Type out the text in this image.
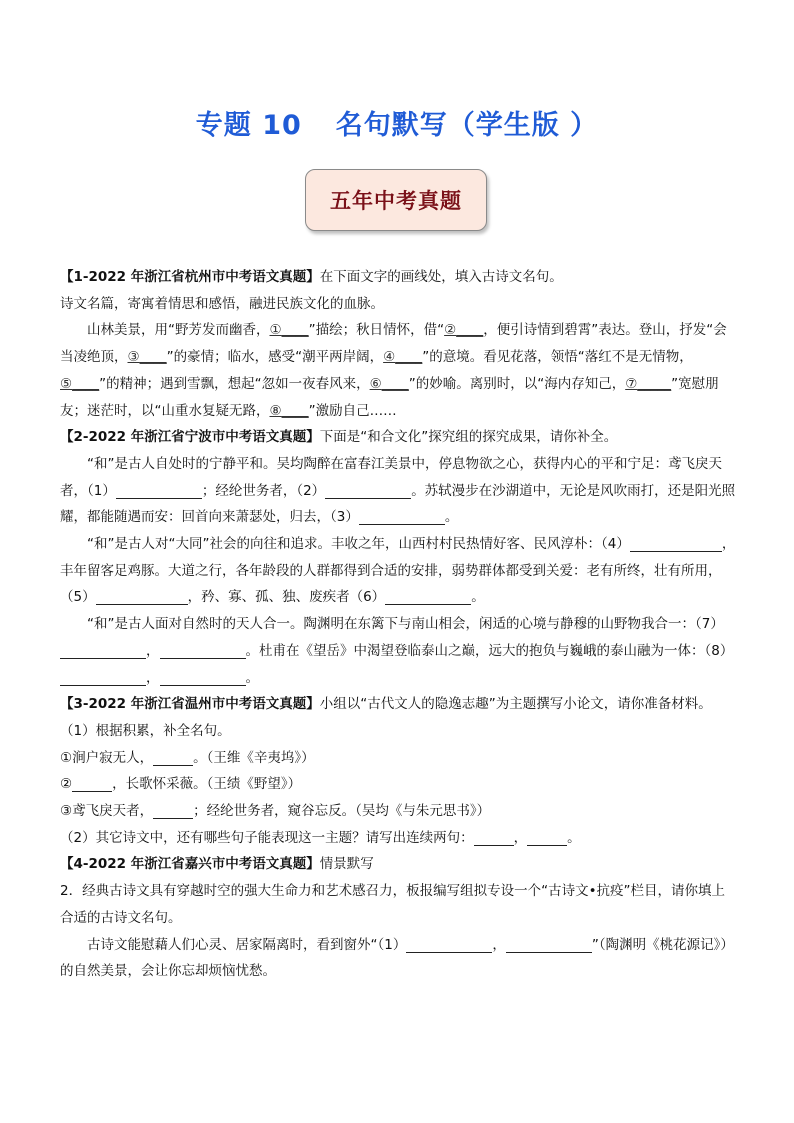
专题 10 名句默写（学生版 ）
五年中考真题

【1-2022 年浙江省杭州市中考语文真题】在下面文字的画线处，填入古诗文名句。

诗文名篇，寄寓着情思和感悟，融进民族文化的血脉。

山林美景，用“野芳发而幽香，①____”描绘；秋日情怀，借“②____，便引诗情到碧霄”表达。登山，抒发“会当凌绝顶，③____”的豪情；临水，感受“潮平两岸阔，④____”的意境。看见花落，领悟“落红不是无情物，⑤____”的精神；遇到雪飘，想起“忽如一夜春风来，⑥____”的妙喻。离别时，以“海内存知己，⑦_____”宽慰朋友；迷茫时，以“山重水复疑无路，⑧____”激励自己……

【2-2022 年浙江省宁波市中考语文真题】下面是“和合文化”探究组的探究成果，请你补全。

“和”是古人自处时的宁静平和。吴均陶醉在富春江美景中，停息物欲之心，获得内心的平和宁足：鸢飞戾天者，（1）	；经纶世务者，（2）	。苏轼漫步在沙湖道中，无论是风吹雨打，还是阳光照耀，都能随遇而安：回首向来萧瑟处，归去，（3）	。

“和”是古人对“大同”社会的向往和追求。丰收之年，山西村村民热情好客、民风淳朴：（4）	，丰年留客足鸡豚。大道之行，各年龄段的人群都得到合适的安排，弱势群体都受到关爱：老有所终，壮有所用，（5）	，矜、寡、孤、独、废疾者（6）	。

“和”是古人面对自然时的天人合一。陶渊明在东篱下与南山相会，闲适的心境与静穆的山野物我合一：（7），	。杜甫在《望岳》中渴望登临泰山之巅，远大的抱负与巍峨的泰山融为一体：（8），	。

【3-2022 年浙江省温州市中考语文真题】小组以“古代文人的隐逸志趣”为主题撰写小论文，请你准备材料。

（1）根据积累，补全名句。

①涧户寂无人，	。（王维《辛夷坞》）

②	，长歌怀采薇。（王绩《野望》）

③鸢飞戾天者，	；经纶世务者，窥谷忘反。（吴均《与朱元思书》）

（2）其它诗文中，还有哪些句子能表现这一主题？请写出连续两句：	，	。

【4-2022 年浙江省嘉兴市中考语文真题】情景默写

2．经典古诗文具有穿越时空的强大生命力和艺术感召力，板报编写组拟专设一个“古诗文•抗疫”栏目，请你填上合适的古诗文名句。

古诗文能慰藉人们心灵、居家隔离时，看到窗外“（1）	，	”（陶渊明《桃花源记》）的自然美景，会让你忘却烦恼忧愁。
